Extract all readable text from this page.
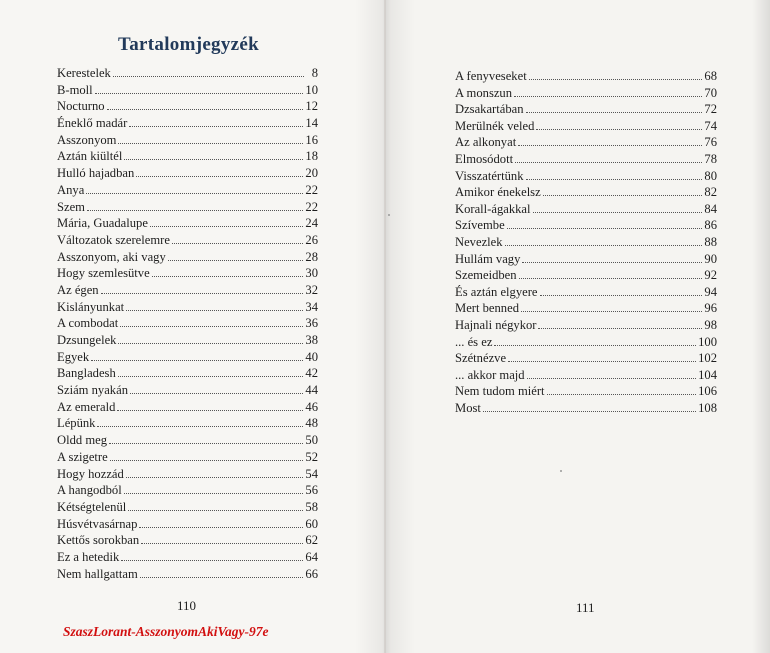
Tartalomjegyzék
Kerestelek	8
B-moll	10
Nocturno	12
Éneklő madár	14
Asszonyom	16
Aztán kiültél	18
Hulló hajadban	20
Anya	22
Szem	22
Mária, Guadalupe	24
Változatok szerelemre	26
Asszonyom, aki vagy	28
Hogy szemlesütve	30
Az égen	32
Kislányunkat	34
A combodat	36
Dzsungelek	38
Egyek	40
Bangladesh	42
Sziám nyakán	44
Az emerald	46
Lépünk	48
Oldd meg	50
A szigetre	52
Hogy hozzád	54
A hangodból	56
Kétségtelenül	58
Húsvétvasárnap	60
Kettős sorokban	62
Ez a hetedik	64
Nem hallgattam	66
A fenyveseket	68
A monszun	70
Dzsakartában	72
Merülnék veled	74
Az alkonyat	76
Elmosódott	78
Visszatértünk	80
Amikor énekelsz	82
Korall-ágakkal	84
Szívembe	86
Nevezlek	88
Hullám vagy	90
Szemeidben	92
És aztán elgyere	94
Mert benned	96
Hajnali négykor	98
... és ez	100
Szétnézve	102
... akkor majd	104
Nem tudom miért	106
Most	108
110	111
SzaszLorant-AsszonyomAkiVagy-97e
